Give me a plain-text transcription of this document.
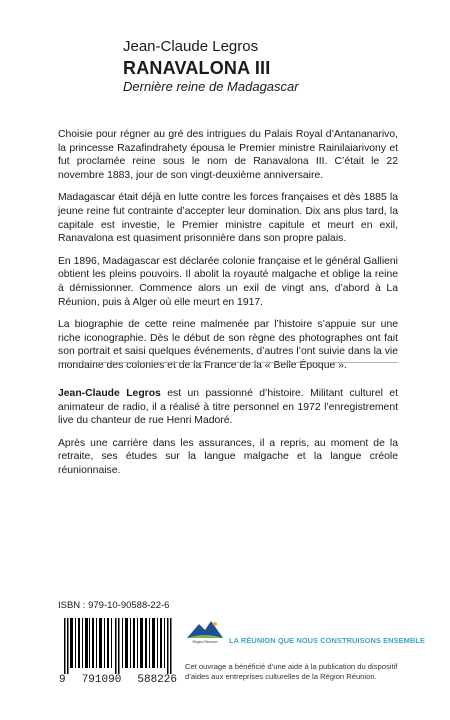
Jean-Claude Legros
RANAVALONA III
Dernière reine de Madagascar

Choisie pour régner au gré des intrigues du Palais Royal d’Antananarivo, la princesse Razafindrahety épousa le Premier ministre Rainilaiarivony et fut proclamée reine sous le nom de Ranavalona III. C’était le 22 novembre 1883, jour de son vingt-deuxième anniversaire.

Madagascar était déjà en lutte contre les forces françaises et dès 1885 la jeune reine fut contrainte d’accepter leur domination. Dix ans plus tard, la capitale est investie, le Premier ministre capitule et meurt en exil, Ranavalona est quasiment prisonnière dans son propre palais.

En 1896, Madagascar est déclarée colonie française et le général Gallieni obtient les pleins pouvoirs. Il abolit la royauté malgache et oblige la reine à démissionner. Commence alors un exil de vingt ans, d’abord à La Réunion, puis à Alger où elle meurt en 1917.

La biographie de cette reine malmenée par l’histoire s’appuie sur une riche iconographie. Dès le début de son règne des photographes ont fait son portrait et saisi quelques événements, d’autres l’ont suivie dans la vie mondaine des colonies et de la France de la « Belle Époque ».

Jean-Claude Legros est un passionné d’histoire. Militant culturel et animateur de radio, il a réalisé à titre personnel en 1972 l’enregistrement live du chanteur de rue Henri Madoré.

Après une carrière dans les assurances, il a repris, au moment de la retraite, ses études sur la langue malgache et la langue créole réunionnaise.

ISBN : 979-10-90588-22-6
9 791090 588226
Région Réunion	LA RÉUNION QUE NOUS CONSTRUISONS ENSEMBLE
Cet ouvrage a bénéficié d’une aide à la publication du dispositif d’aides aux entreprises culturelles de la Région Réunion.
